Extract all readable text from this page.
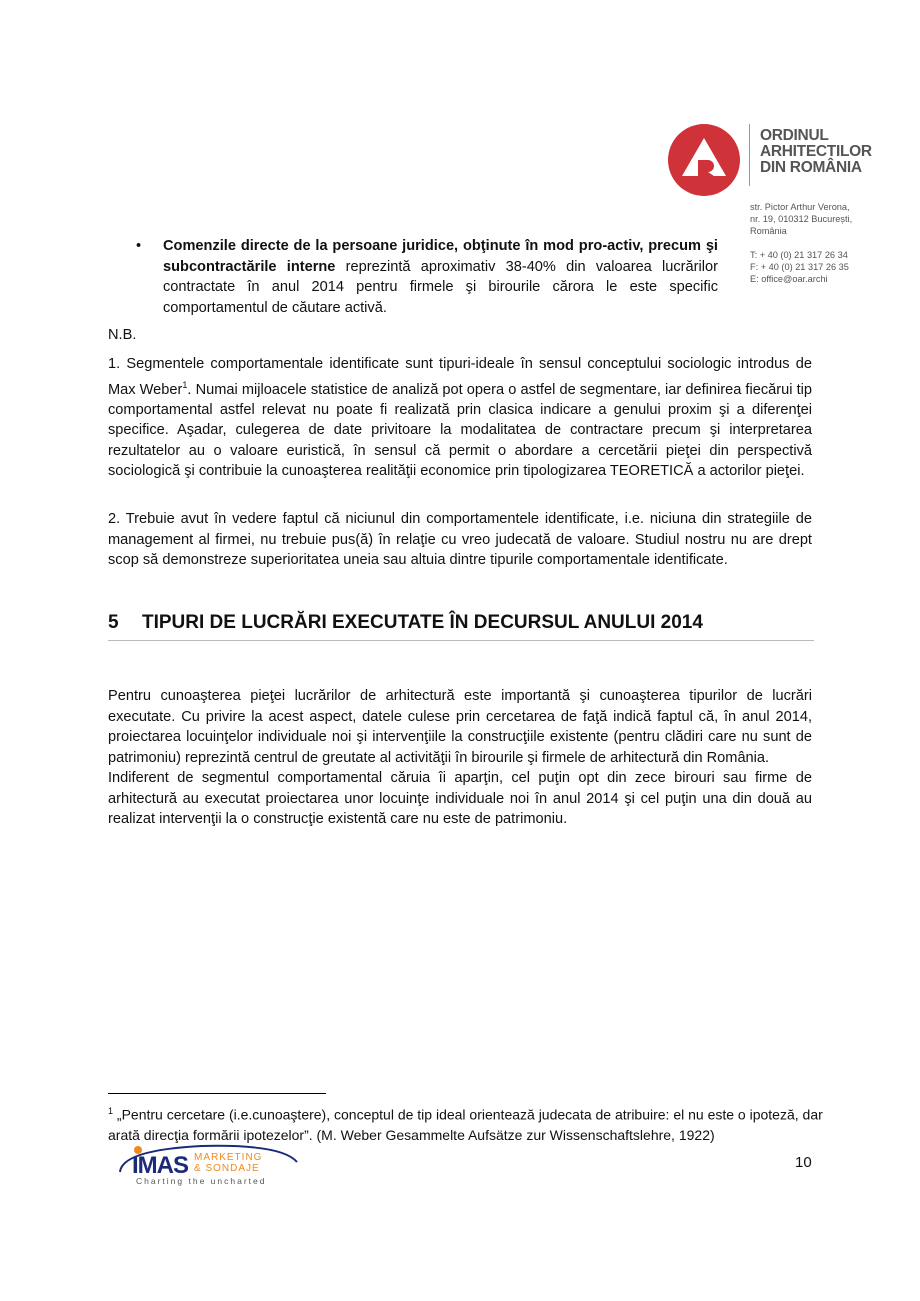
ORDINUL
ARHITECTILOR
DIN ROMÂNIA
str. Pictor Arthur Verona,
nr. 19, 010312 București,
România
T: + 40 (0) 21 317 26 34
F: + 40 (0) 21 317 26 35
E: office@oar.archi
• Comenzile directe de la persoane juridice, obţinute în mod pro-activ, precum şi subcontractările interne reprezintă aproximativ 38-40% din valoarea lucrărilor contractate în anul 2014 pentru firmele şi birourile cărora le este specific comportamentul de căutare activă.

N.B.

1. Segmentele comportamentale identificate sunt tipuri-ideale în sensul conceptului sociologic introdus de Max Weber$^1$. Numai mijloacele statistice de analiză pot opera o astfel de segmentare, iar definirea fiecărui tip comportamental astfel relevat nu poate fi realizată prin clasica indicare a genului proxim şi a diferenţei specifice. Aşadar, culegerea de date privitoare la modalitatea de contractare precum şi interpretarea rezultatelor au o valoare euristică, în sensul că permit o abordare a cercetării pieţei din perspectivă sociologică şi contribuie la cunoaşterea realităţii economice prin tipologizarea TEORETICĂ a actorilor pieţei.

2. Trebuie avut în vedere faptul că niciunul din comportamentele identificate, i.e. niciuna din strategiile de management al firmei, nu trebuie pus(ă) în relaţie cu vreo judecată de valoare. Studiul nostru nu are drept scop să demonstreze superioritatea uneia sau altuia dintre tipurile comportamentale identificate.

5 TIPURI DE LUCRĂRI EXECUTATE ÎN DECURSUL ANULUI 2014

Pentru cunoaşterea pieţei lucrărilor de arhitectură este importantă şi cunoaşterea tipurilor de lucrări executate. Cu privire la acest aspect, datele culese prin cercetarea de faţă indică faptul că, în anul 2014, proiectarea locuinţelor individuale noi şi intervenţiile la construcţiile existente (pentru clădiri care nu sunt de patrimoniu) reprezintă centrul de greutate al activităţii în birourile şi firmele de arhitectură din România.

Indiferent de segmentul comportamental căruia îi aparţin, cel puţin opt din zece birouri sau firme de arhitectură au executat proiectarea unor locuinţe individuale noi în anul 2014 şi cel puţin una din două au realizat intervenţii la o construcţie existentă care nu este de patrimoniu.

$^1$ „Pentru cercetare (i.e.cunoaştere), conceptul de tip ideal orientează judecata de atribuire: el nu este o ipoteză, dar arată direcţia formării ipotezelor”. (M. Weber Gesammelte Aufsätze zur Wissenschaftslehre, 1922)
IMAS MARKETING
& SONDAJE
Charting the uncharted
10
